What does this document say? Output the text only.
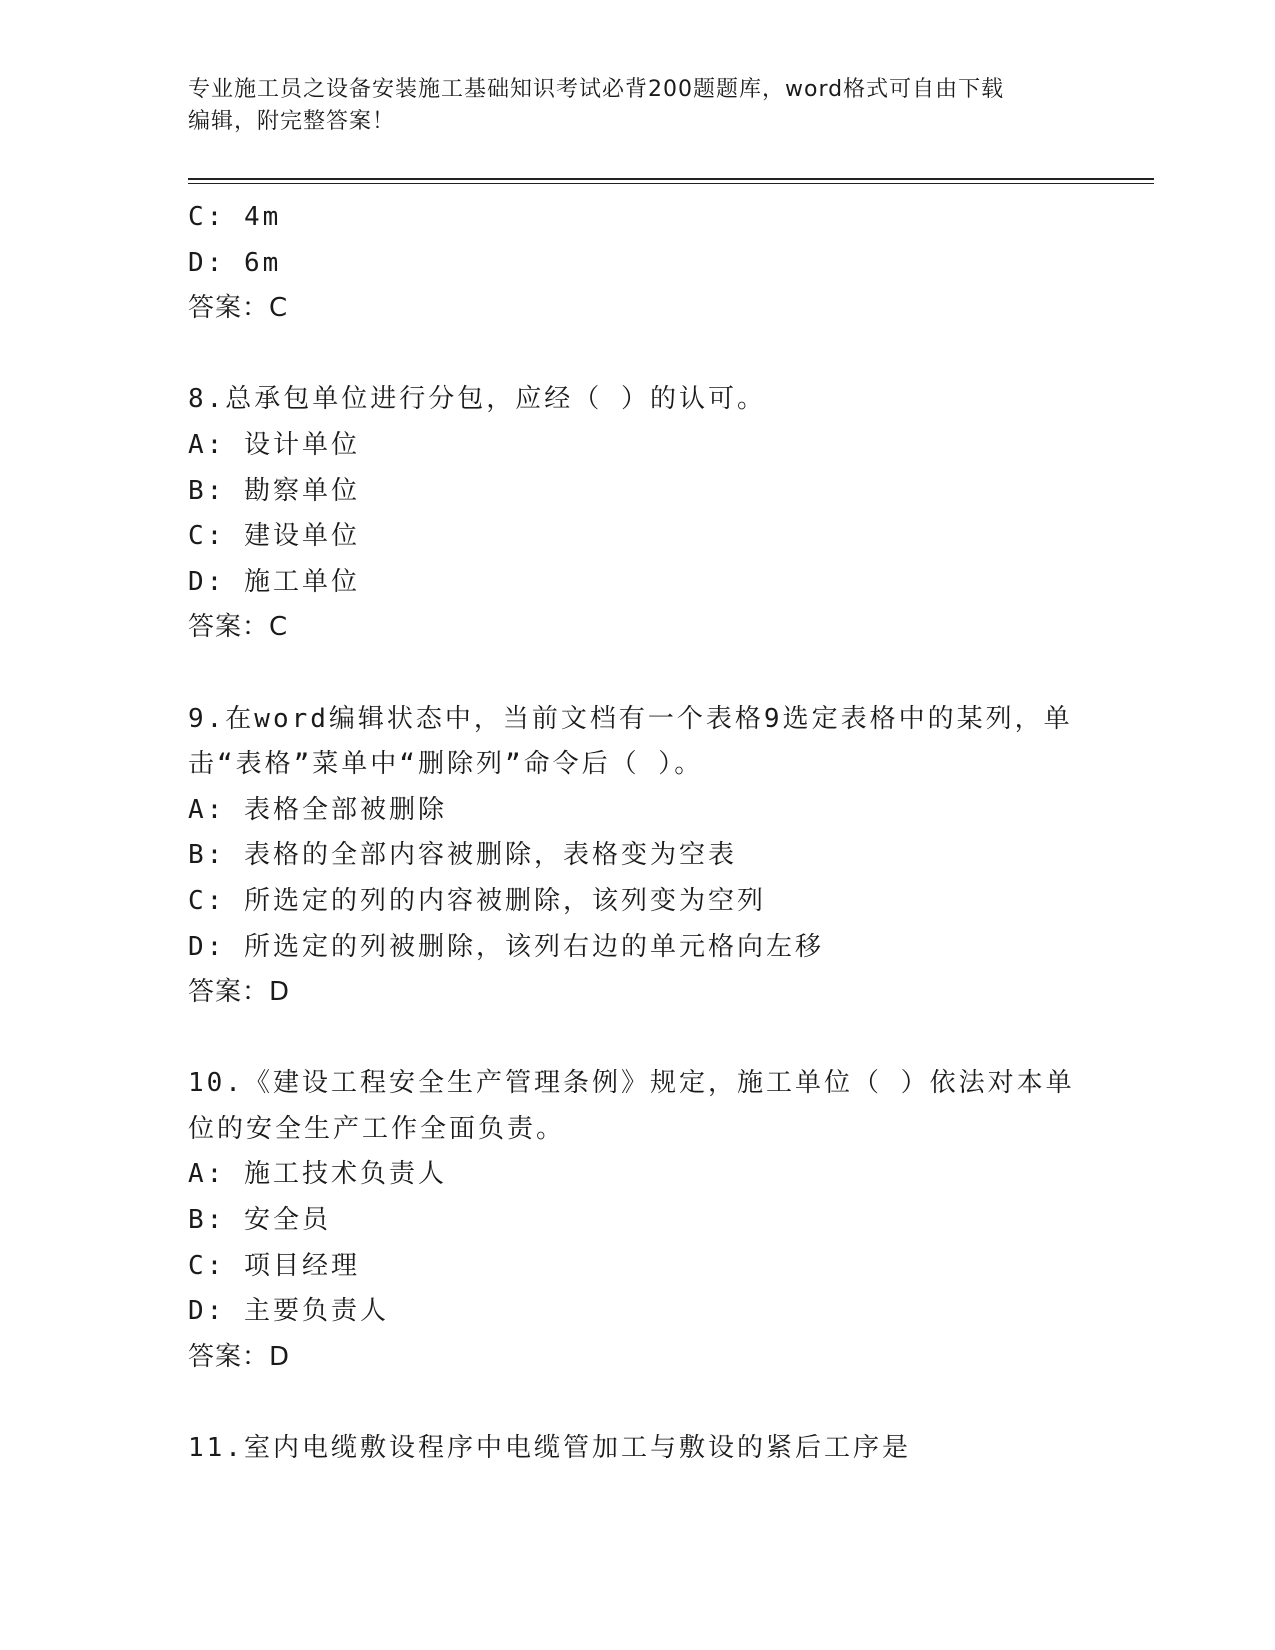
专业施工员之设备安装施工基础知识考试必背200题题库，word格式可自由下载
编辑，附完整答案！
C: 4m
D: 6m
答案：C
8.总承包单位进行分包，应经（ ）的认可。
A: 设计单位
B: 勘察单位
C: 建设单位
D: 施工单位
答案：C
9.在word编辑状态中，当前文档有一个表格9选定表格中的某列，单
击“表格”菜单中“删除列”命令后（ ）。
A: 表格全部被删除
B: 表格的全部内容被删除，表格变为空表
C: 所选定的列的内容被删除，该列变为空列
D: 所选定的列被删除，该列右边的单元格向左移
答案：D
10.《建设工程安全生产管理条例》规定，施工单位（ ）依法对本单
位的安全生产工作全面负责。
A: 施工技术负责人
B: 安全员
C: 项目经理
D: 主要负责人
答案：D
11.室内电缆敷设程序中电缆管加工与敷设的紧后工序是
